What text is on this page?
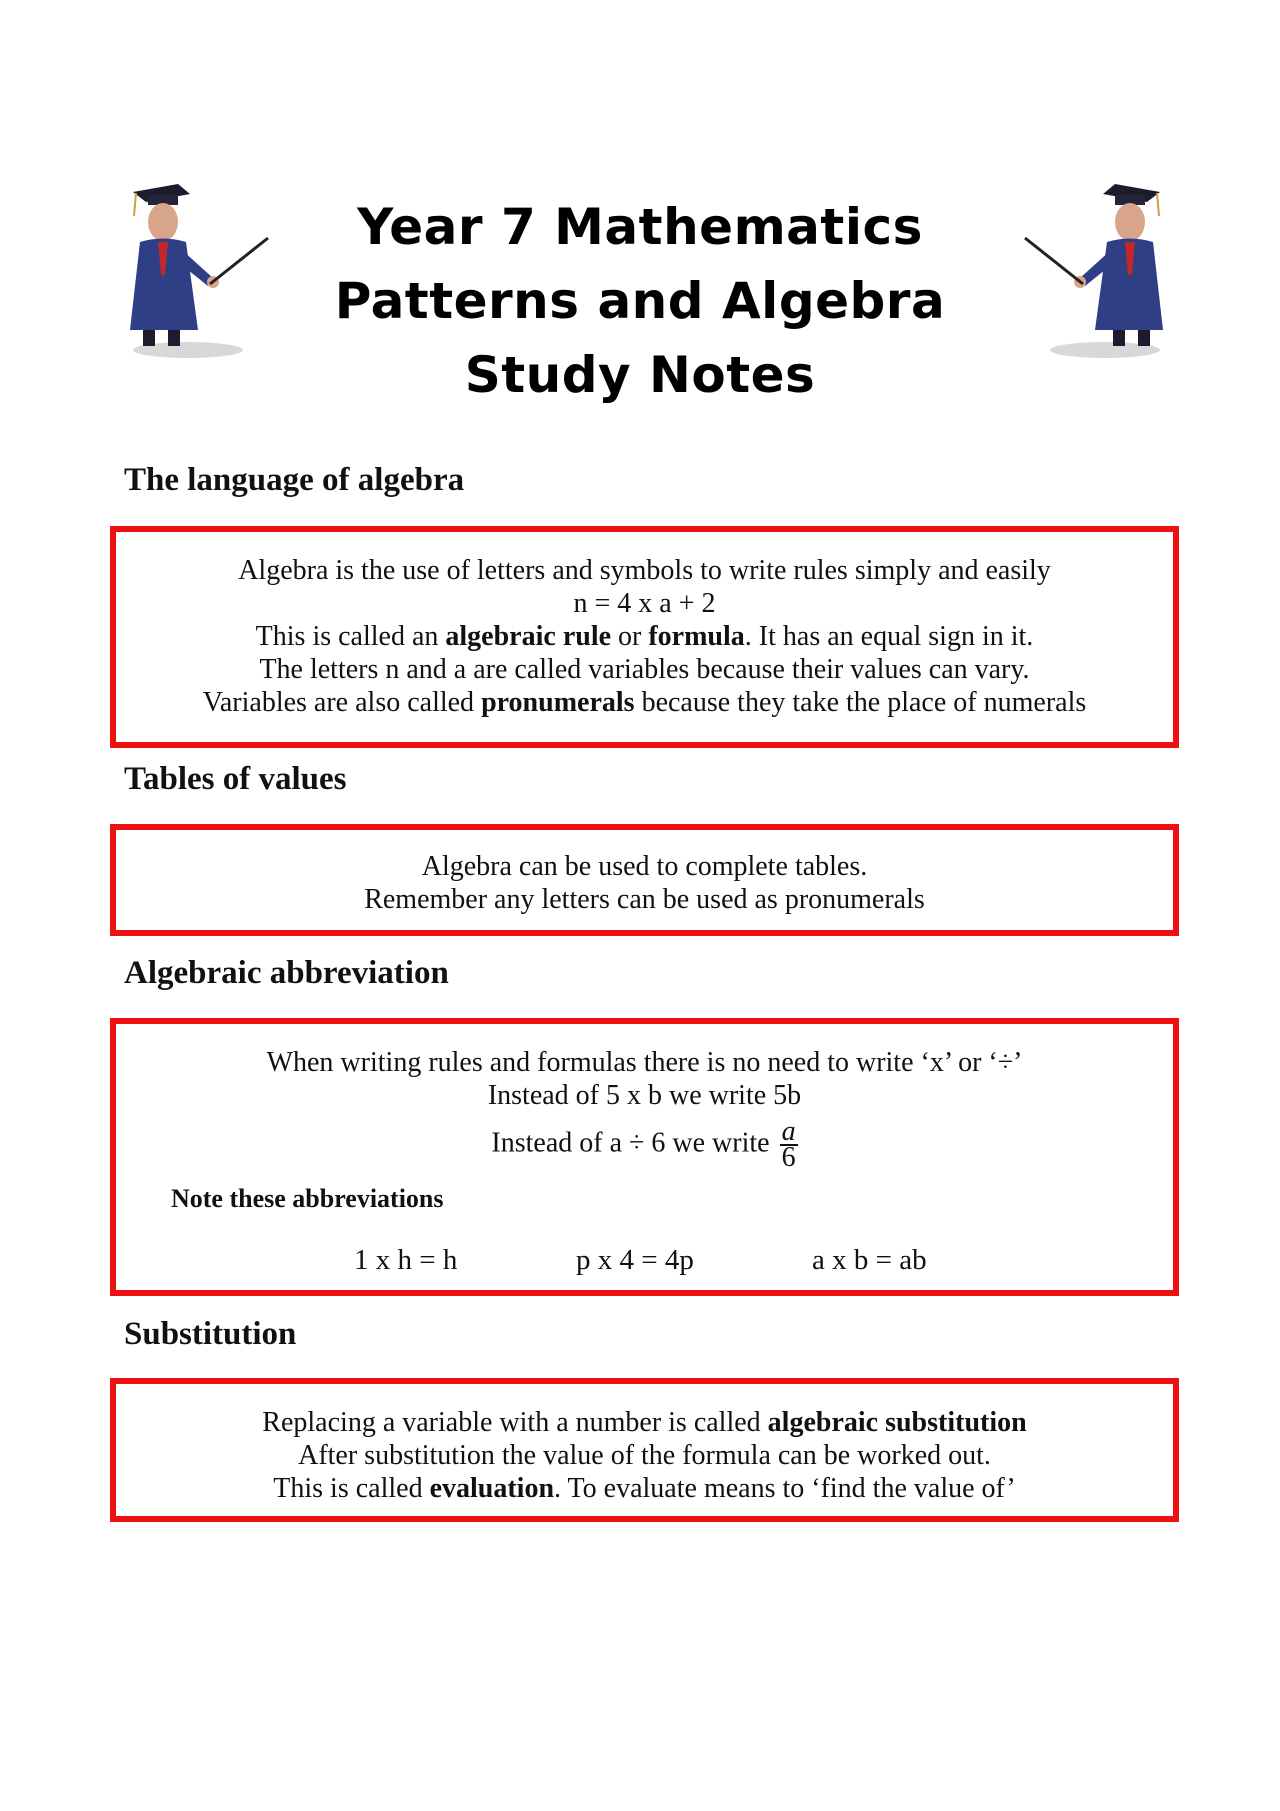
Year 7 Mathematics
Patterns and Algebra
Study Notes
The language of algebra

Algebra is the use of letters and symbols to write rules simply and easily

n = 4 x a + 2

This is called an algebraic rule or formula. It has an equal sign in it.

The letters n and a are called variables because their values can vary.

Variables are also called pronumerals because they take the place of numerals

Tables of values

Algebra can be used to complete tables.

Remember any letters can be used as pronumerals

Algebraic abbreviation

When writing rules and formulas there is no need to write ‘x’ or ‘÷’

Instead of 5 x b we write 5b

Instead of a ÷ 6 we write $\frac{a}{6}$

Note these abbreviations
1 x h = h	p x 4 = 4p	a x b = ab
Substitution

Replacing a variable with a number is called algebraic substitution

After substitution the value of the formula can be worked out.

This is called evaluation. To evaluate means to ‘find the value of’
